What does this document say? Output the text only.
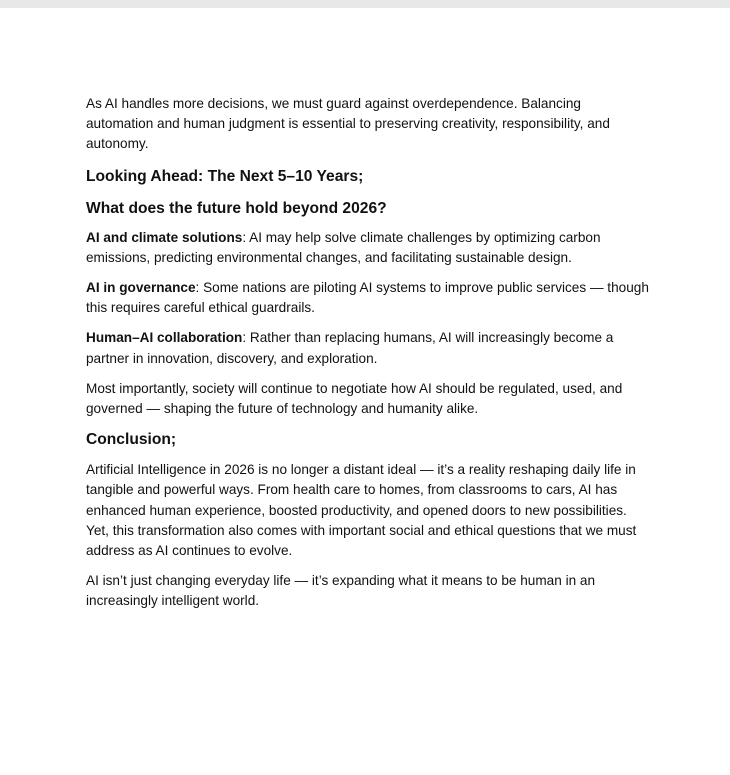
As AI handles more decisions, we must guard against overdependence. Balancing automation and human judgment is essential to preserving creativity, responsibility, and autonomy.

Looking Ahead: The Next 5–10 Years;
What does the future hold beyond 2026?

AI and climate solutions: AI may help solve climate challenges by optimizing carbon emissions, predicting environmental changes, and facilitating sustainable design.

AI in governance: Some nations are piloting AI systems to improve public services — though this requires careful ethical guardrails.

Human–AI collaboration: Rather than replacing humans, AI will increasingly become a partner in innovation, discovery, and exploration.

Most importantly, society will continue to negotiate how AI should be regulated, used, and governed — shaping the future of technology and humanity alike.

Conclusion;

Artificial Intelligence in 2026 is no longer a distant ideal — it’s a reality reshaping daily life in tangible and powerful ways. From health care to homes, from classrooms to cars, AI has enhanced human experience, boosted productivity, and opened doors to new possibilities. Yet, this transformation also comes with important social and ethical questions that we must address as AI continues to evolve.

AI isn’t just changing everyday life — it’s expanding what it means to be human in an increasingly intelligent world.
